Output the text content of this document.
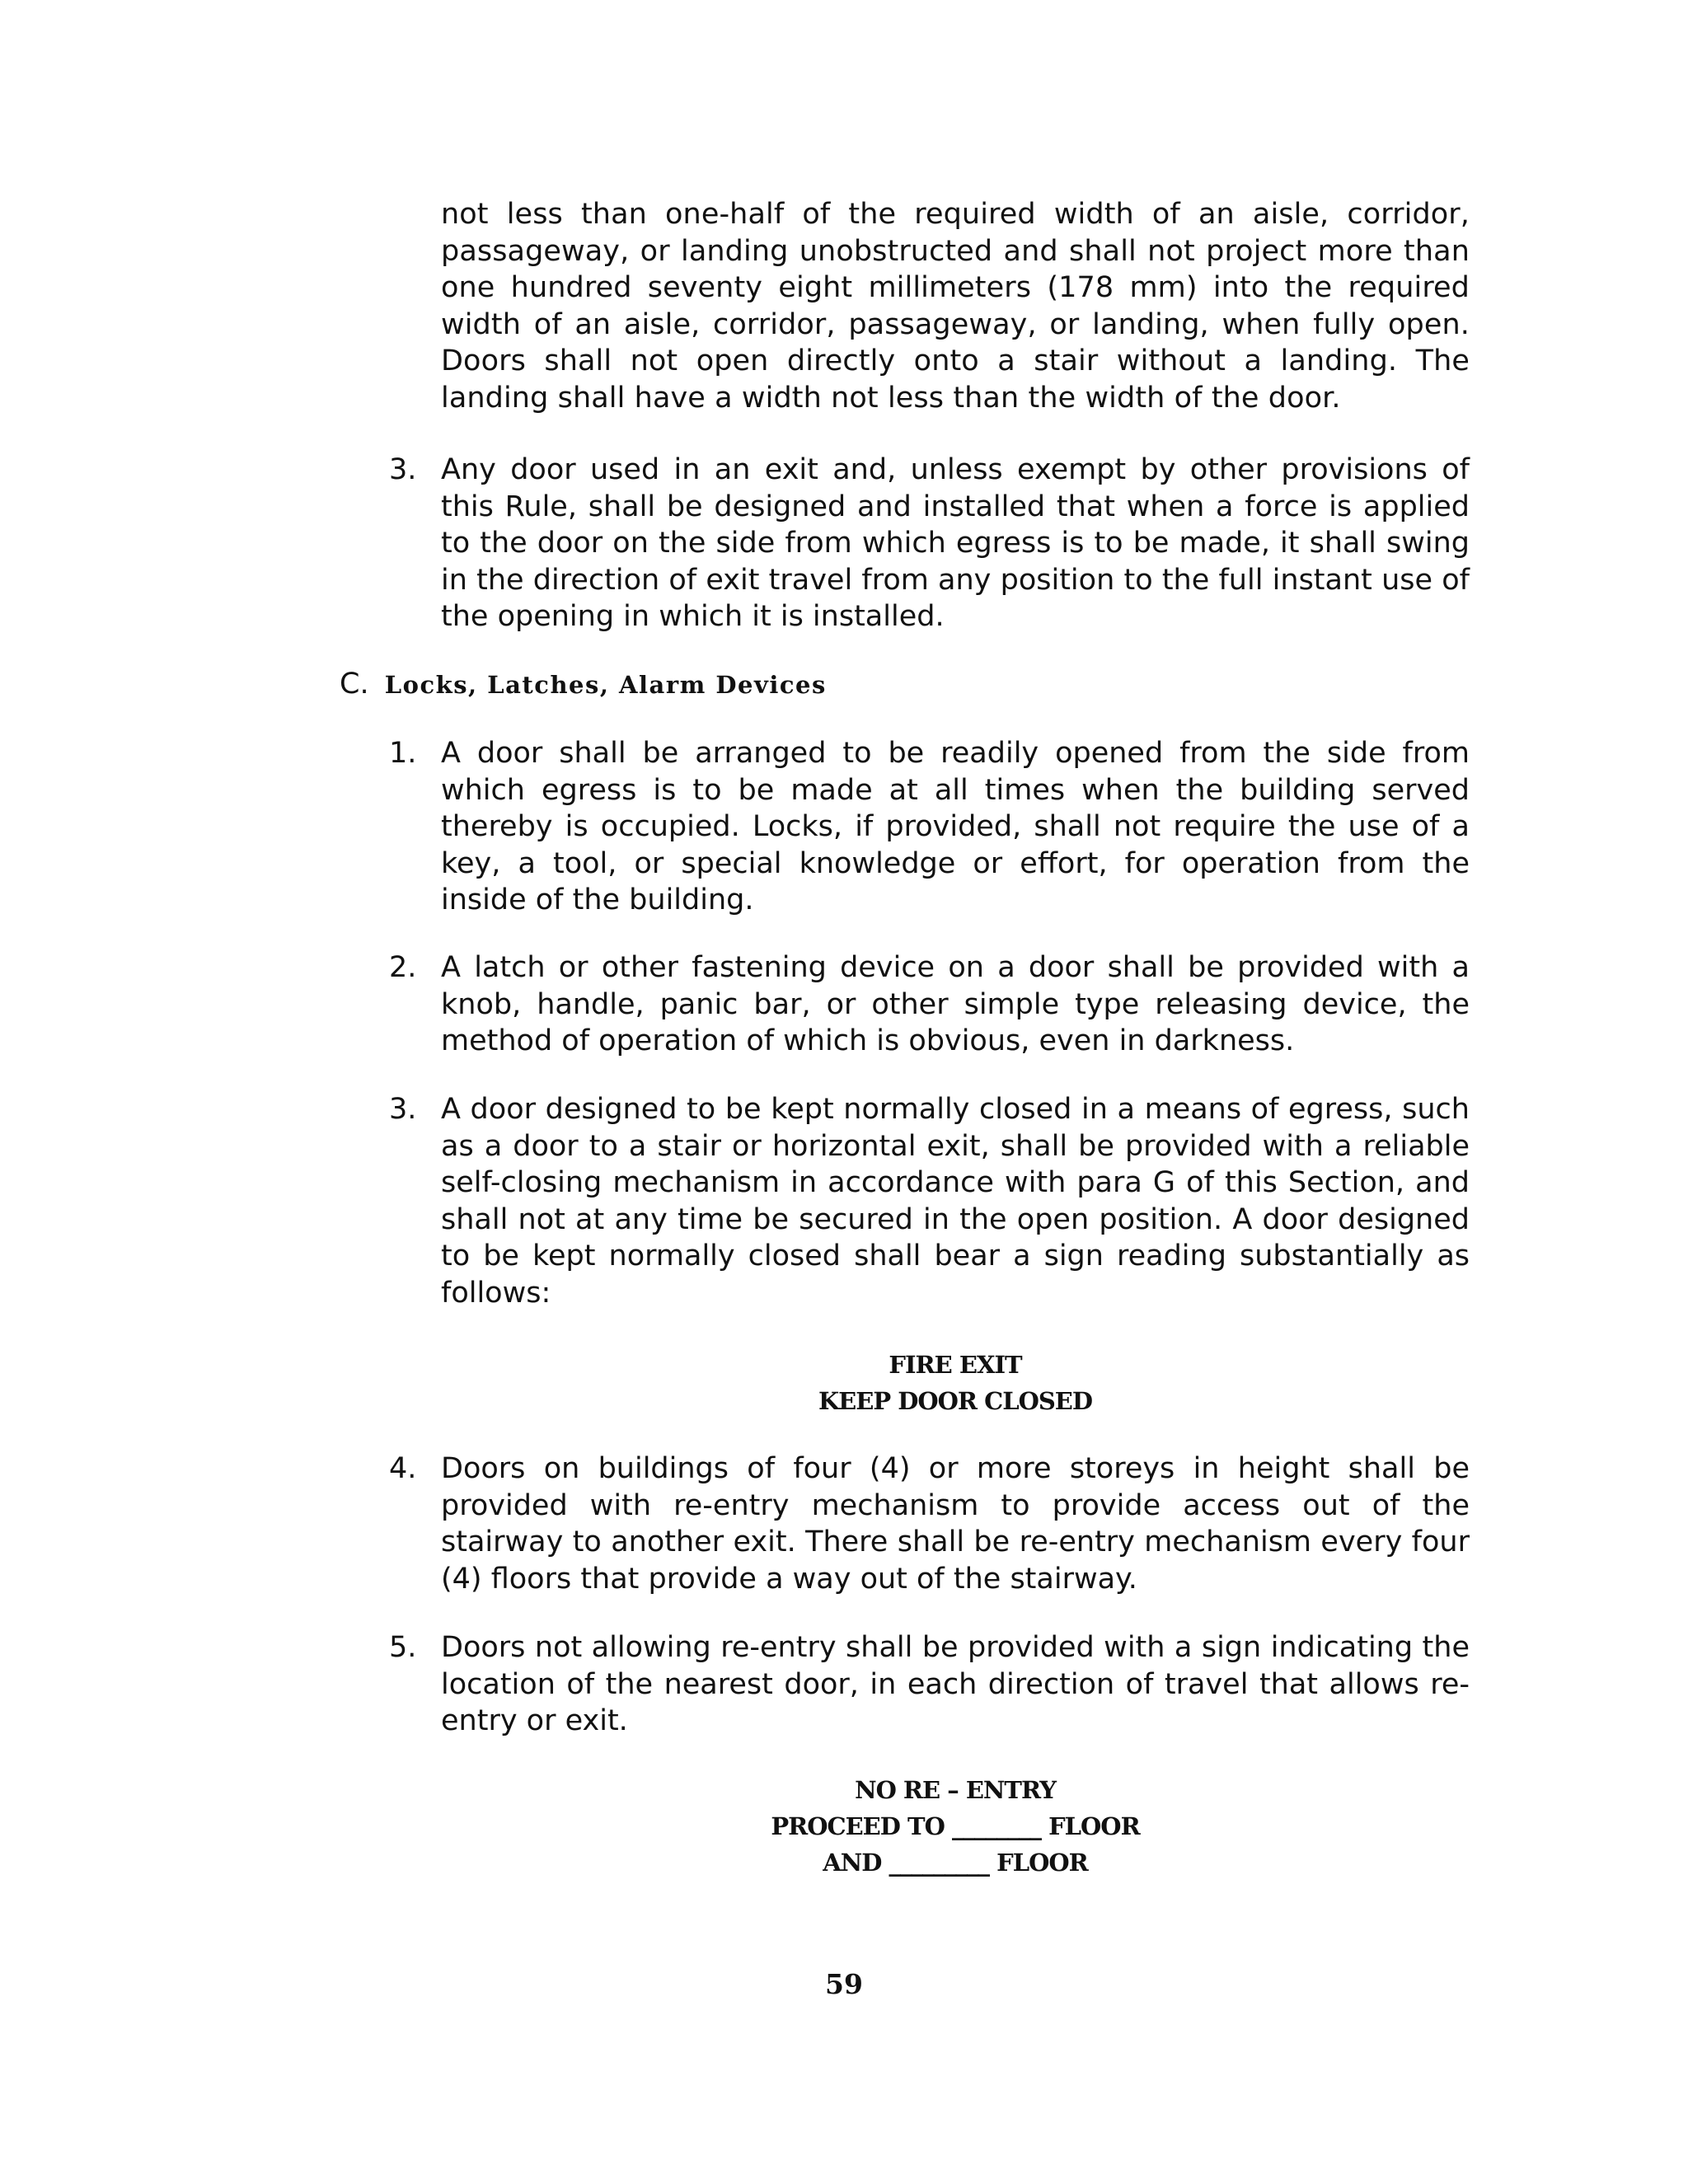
not less than one-half of the required width of an aisle, corridor, passageway, or landing unobstructed and shall not project more than one hundred seventy eight millimeters (178 mm) into the required width of an aisle, corridor, passageway, or landing, when fully open. Doors shall not open directly onto a stair without a landing. The landing shall have a width not less than the width of the door.
3. Any door used in an exit and, unless exempt by other provisions of this Rule, shall be designed and installed that when a force is applied to the door on the side from which egress is to be made, it shall swing in the direction of exit travel from any position to the full instant use of the opening in which it is installed.
C. Locks, Latches, Alarm Devices
1. A door shall be arranged to be readily opened from the side from which egress is to be made at all times when the building served thereby is occupied. Locks, if provided, shall not require the use of a key, a tool, or special knowledge or effort, for operation from the inside of the building.
2. A latch or other fastening device on a door shall be provided with a knob, handle, panic bar, or other simple type releasing device, the method of operation of which is obvious, even in darkness.
3. A door designed to be kept normally closed in a means of egress, such as a door to a stair or horizontal exit, shall be provided with a reliable self-closing mechanism in accordance with para G of this Section, and shall not at any time be secured in the open position. A door designed to be kept normally closed shall bear a sign reading substantially as follows:
FIRE EXIT
KEEP DOOR CLOSED
4. Doors on buildings of four (4) or more storeys in height shall be provided with re-entry mechanism to provide access out of the stairway to another exit. There shall be re-entry mechanism every four (4) floors that provide a way out of the stairway.
5. Doors not allowing re-entry shall be provided with a sign indicating the location of the nearest door, in each direction of travel that allows re-entry or exit.
NO RE – ENTRY
PROCEED TO ________ FLOOR
AND _________ FLOOR
59
